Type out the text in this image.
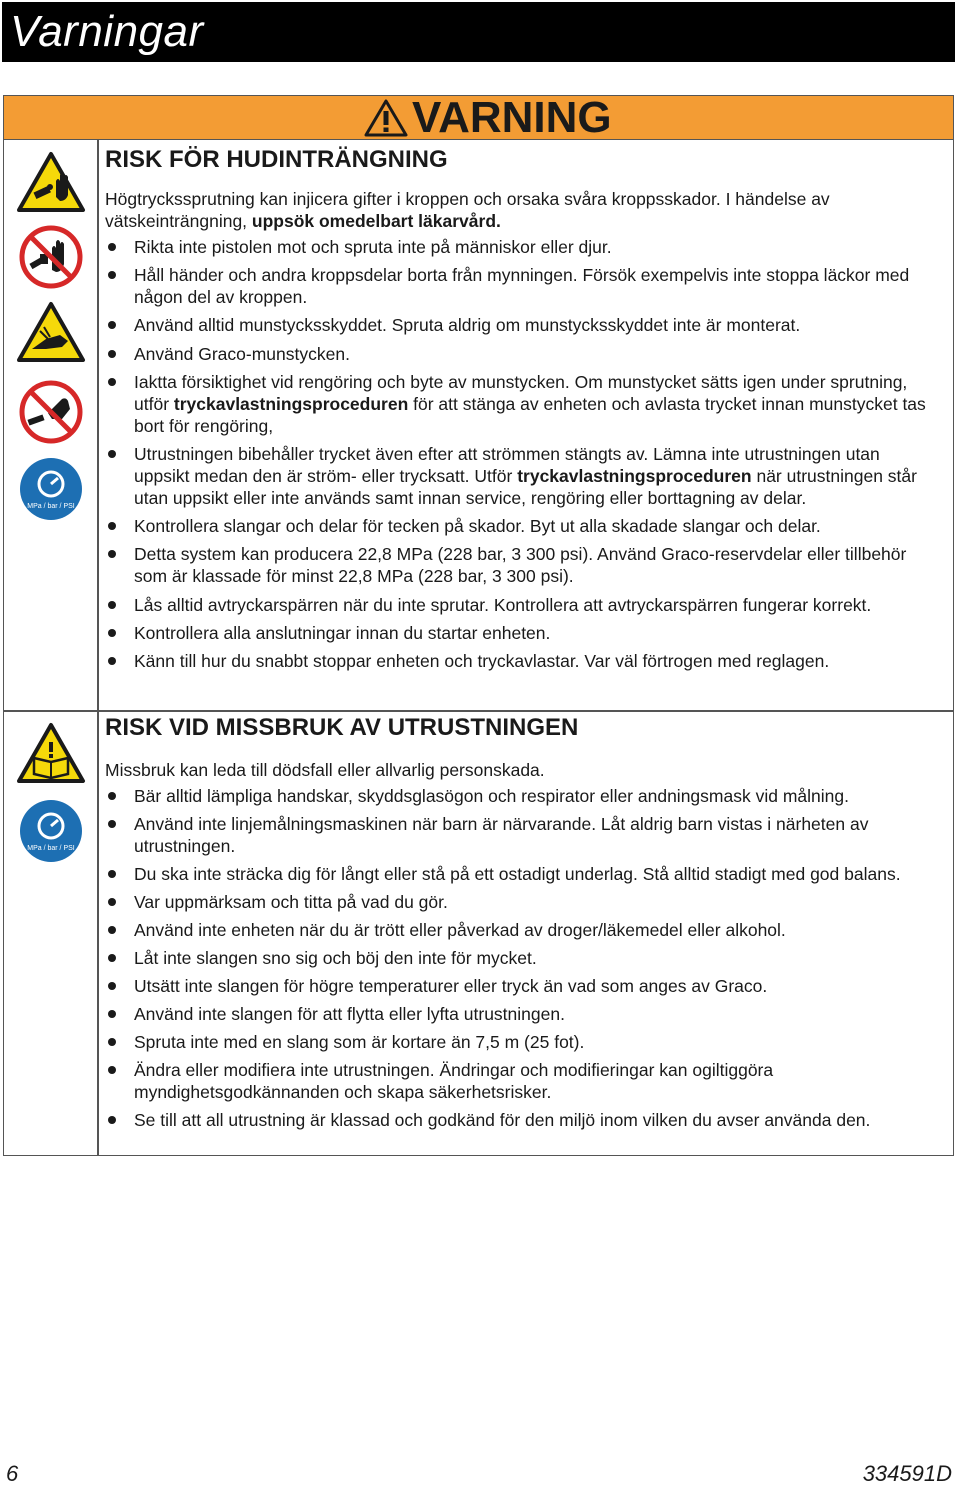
Varningar
VARNING
MPa / bar / PSI
MPa / bar / PSI
RISK FÖR HUDINTRÄNGNING

Högtryckssprutning kan injicera gifter i kroppen och orsaka svåra kroppsskador. I händelse av vätskeinträngning, uppsök omedelbart läkarvård.

Rikta inte pistolen mot och spruta inte på människor eller djur.
Håll händer och andra kroppsdelar borta från mynningen. Försök exempelvis inte stoppa läckor med någon del av kroppen.
Använd alltid munstycksskyddet. Spruta aldrig om munstycksskyddet inte är monterat.
Använd Graco-munstycken.
Iaktta försiktighet vid rengöring och byte av munstycken. Om munstycket sätts igen under sprutning, utför tryckavlastningsproceduren för att stänga av enheten och avlasta trycket innan munstycket tas bort för rengöring,
Utrustningen bibehåller trycket även efter att strömmen stängts av. Lämna inte utrustningen utan uppsikt medan den är ström- eller trycksatt. Utför tryckavlastningsproceduren när utrustningen står utan uppsikt eller inte används samt innan service, rengöring eller borttagning av delar.
Kontrollera slangar och delar för tecken på skador. Byt ut alla skadade slangar och delar.
Detta system kan producera 22,8 MPa (228 bar, 3 300 psi). Använd Graco-reservdelar eller tillbehör som är klassade för minst 22,8 MPa (228 bar, 3 300 psi).
Lås alltid avtryckarspärren när du inte sprutar. Kontrollera att avtryckarspärren fungerar korrekt.
Kontrollera alla anslutningar innan du startar enheten.
Känn till hur du snabbt stoppar enheten och tryckavlastar. Var väl förtrogen med reglagen.
RISK VID MISSBRUK AV UTRUSTNINGEN

Missbruk kan leda till dödsfall eller allvarlig personskada.

Bär alltid lämpliga handskar, skyddsglasögon och respirator eller andningsmask vid målning.
Använd inte linjemålningsmaskinen när barn är närvarande. Låt aldrig barn vistas i närheten av utrustningen.
Du ska inte sträcka dig för långt eller stå på ett ostadigt underlag. Stå alltid stadigt med god balans.
Var uppmärksam och titta på vad du gör.
Använd inte enheten när du är trött eller påverkad av droger/läkemedel eller alkohol.
Låt inte slangen sno sig och böj den inte för mycket.
Utsätt inte slangen för högre temperaturer eller tryck än vad som anges av Graco.
Använd inte slangen för att flytta eller lyfta utrustningen.
Spruta inte med en slang som är kortare än 7,5 m (25 fot).
Ändra eller modifiera inte utrustningen. Ändringar och modifieringar kan ogiltiggöra myndighetsgodkännanden och skapa säkerhetsrisker.
Se till att all utrustning är klassad och godkänd för den miljö inom vilken du avser använda den.
6	334591D
